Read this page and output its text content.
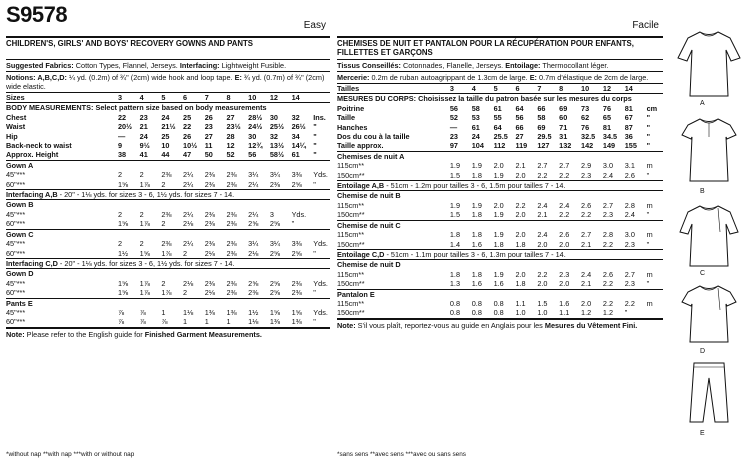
S9578	Easy
CHILDREN'S, GIRLS' AND BOYS' RECOVERY GOWNS AND PANTS
Suggested Fabrics: Cotton Types, Flannel, Jerseys. Interfacing: Lightweight Fusible.
Notions: A,B,C,D: ¼ yd. (0.2m) of ¾" (2cm) wide hook and loop tape. E: ¾ yd. (0.7m) of ¾" (2cm) wide elastic.
Sizes	3	4	5	6	7	8	10	12	14	
BODY MEASUREMENTS: Select pattern size based on body measurements										
Chest	22	23	24	25	26	27	28½	30	32	Ins.
Waist	20½	21	21½	22	23	23½	24½	25½	26½	"
Hip	—	24	25	26	27	28	30	32	34	"
Back-neck to waist	9	9½	10	10½	11	12	12¾	13½	14¼	"
Approx. Height	38	41	44	47	50	52	56	58½	61	"
Gown A										
45"***	2	2	2⅜	2¼	2⅜	2⅜	3¼	3¼	3⅜	Yds.
60"***	1⅝	1⅞	2	2¼	2⅜	2⅜	2¼	2⅜	2⅝	"
Interfacing A,B - 20" - 1⅛ yds. for sizes 3 - 6, 1½ yds. for sizes 7 - 14.										
Gown B										
45"***	2	2	2⅜	2¼	2⅜	2⅜	2¼	3	Yds.	
60"***	1⅝	1⅞	2	2⅛	2⅜	2⅜	2⅝	2⅝	"	
Gown C										
45"***	2	2	2⅜	2¼	2⅜	2⅜	3¼	3¼	3⅜	Yds.
60"***	1½	1⅝	1⅞	2	2⅛	2⅜	2⅛	2⅝	2⅝	"
Interfacing C,D - 20" - 1⅛ yds. for sizes 3 - 6, 1½ yds. for sizes 7 - 14.										
Gown D										
45"***	1⅝	1⅞	2	2⅛	2⅜	2⅜	2⅝	2⅝	2⅜	Yds.
60"***	1⅝	1⅞	1⅞	2	2⅛	2⅜	2⅜	2⅝	2⅜	"
Pants E										
45"***	⅞	⅞	1	1⅛	1⅜	1⅜	1½	1⅝	1⅝	Yds.
60"***	⅞	⅞	⅞	1	1	1	1⅛	1⅜	1⅜	"
Note: Please refer to the English guide for Finished Garment Measurements.
Facile
CHEMISES DE NUIT ET PANTALON POUR LA RÉCUPÉRATION POUR ENFANTS, FILLETTES ET GARÇONS
Tissus Conseillés: Cotonnades, Flanelle, Jerseys. Entoilage: Thermocollant léger.
Mercerie: 0.2m de ruban autoagrippant de 1.3cm de large. E: 0.7m d'élastique de 2cm de large.
Tailles	3	4	5	6	7	8	10	12	14	
MESURES DU CORPS: Choisissez la taille du patron basée sur les mesures du corps										
Poitrine	56	58	61	64	66	69	73	76	81	cm
Taille	52	53	55	56	58	60	62	65	67	"
Hanches	—	61	64	66	69	71	76	81	87	"
Dos du cou à la taille	23	24	25.5	27	29.5	31	32.5	34.5	36	"
Taille approx.	97	104	112	119	127	132	142	149	155	"
Chemises de nuit A										
115cm**	1.9	1.9	2.0	2.1	2.7	2.7	2.9	3.0	3.1	m
150cm**	1.5	1.8	1.9	2.0	2.2	2.2	2.3	2.4	2.6	"
Entoilage A,B - 51cm - 1.2m pour tailles 3 - 6, 1.5m pour tailles 7 - 14.										
Chemise de nuit B										
115cm**	1.9	1.9	2.0	2.2	2.4	2.4	2.6	2.7	2.8	m
150cm**	1.5	1.8	1.9	2.0	2.1	2.2	2.2	2.3	2.4	"
Chemise de nuit C										
115cm**	1.8	1.8	1.9	2.0	2.4	2.6	2.7	2.8	3.0	m
150cm**	1.4	1.6	1.8	1.8	2.0	2.0	2.1	2.2	2.3	"
Entoilage C,D - 51cm - 1.1m pour tailles 3 - 6, 1.3m pour tailles 7 - 14.										
Chemise de nuit D										
115cm**	1.8	1.8	1.9	2.0	2.2	2.3	2.4	2.6	2.7	m
150cm**	1.3	1.6	1.6	1.8	2.0	2.0	2.1	2.2	2.3	"
Pantalon E										
115cm**	0.8	0.8	0.8	1.1	1.5	1.6	2.0	2.2	2.2	m
150cm**	0.8	0.8	0.8	1.0	1.0	1.1	1.2	1.2	"	
Note: S'il vous plaît, reportez-vous au guide en Anglais pour les Mesures du Vêtement Fini.
*without nap **with nap ***with or without nap	*sans sens **avec sens ***avec ou sans sens
A
B
C
D
E
